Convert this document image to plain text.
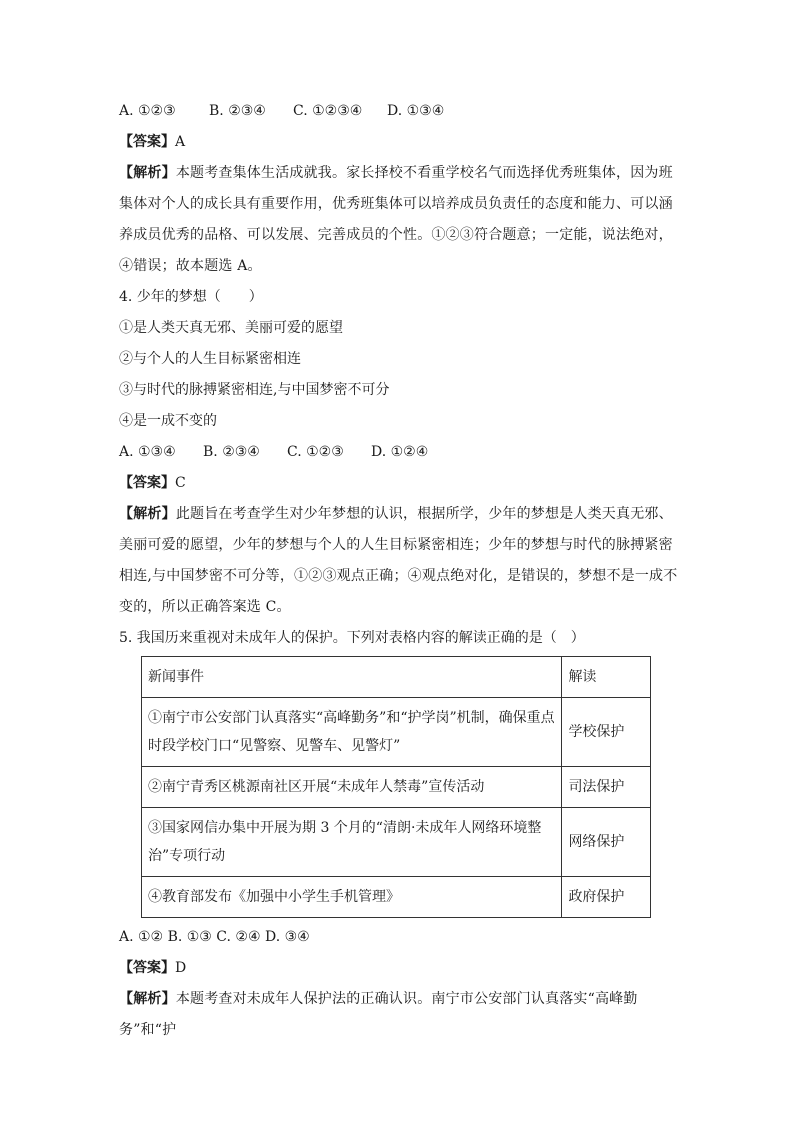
A. ①②③ B. ②③④ C. ①②③④ D. ①③④
【答案】A
【解析】本题考查集体生活成就我。家长择校不看重学校名气而选择优秀班集体，因为班集体对个人的成长具有重要作用，优秀班集体可以培养成员负责任的态度和能力、可以涵养成员优秀的品格、可以发展、完善成员的个性。①②③符合题意；一定能，说法绝对，④错误；故本题选 A。
4. 少年的梦想（　　）
①是人类天真无邪、美丽可爱的愿望
②与个人的人生目标紧密相连
③与时代的脉搏紧密相连,与中国梦密不可分
④是一成不变的
A. ①③④ B. ②③④ C. ①②③ D. ①②④
【答案】C
【解析】此题旨在考查学生对少年梦想的认识，根据所学，少年的梦想是人类天真无邪、美丽可爱的愿望，少年的梦想与个人的人生目标紧密相连；少年的梦想与时代的脉搏紧密相连,与中国梦密不可分等，①②③观点正确；④观点绝对化，是错误的，梦想不是一成不变的，所以正确答案选 C。
5. 我国历来重视对未成年人的保护。下列对表格内容的解读正确的是（　）
新闻事件	解读
①南宁市公安部门认真落实“高峰勤务”和“护学岗”机制，确保重点时段学校门口“见警察、见警车、见警灯”	学校保护
②南宁青秀区桃源南社区开展“未成年人禁毒”宣传活动	司法保护
③国家网信办集中开展为期 3 个月的“清朗·未成年人网络环境整治”专项行动	网络保护
④教育部发布《加强中小学生手机管理》	政府保护
A. ①② B. ①③ C. ②④ D. ③④
【答案】D
【解析】本题考查对未成年人保护法的正确认识。南宁市公安部门认真落实“高峰勤务”和“护
